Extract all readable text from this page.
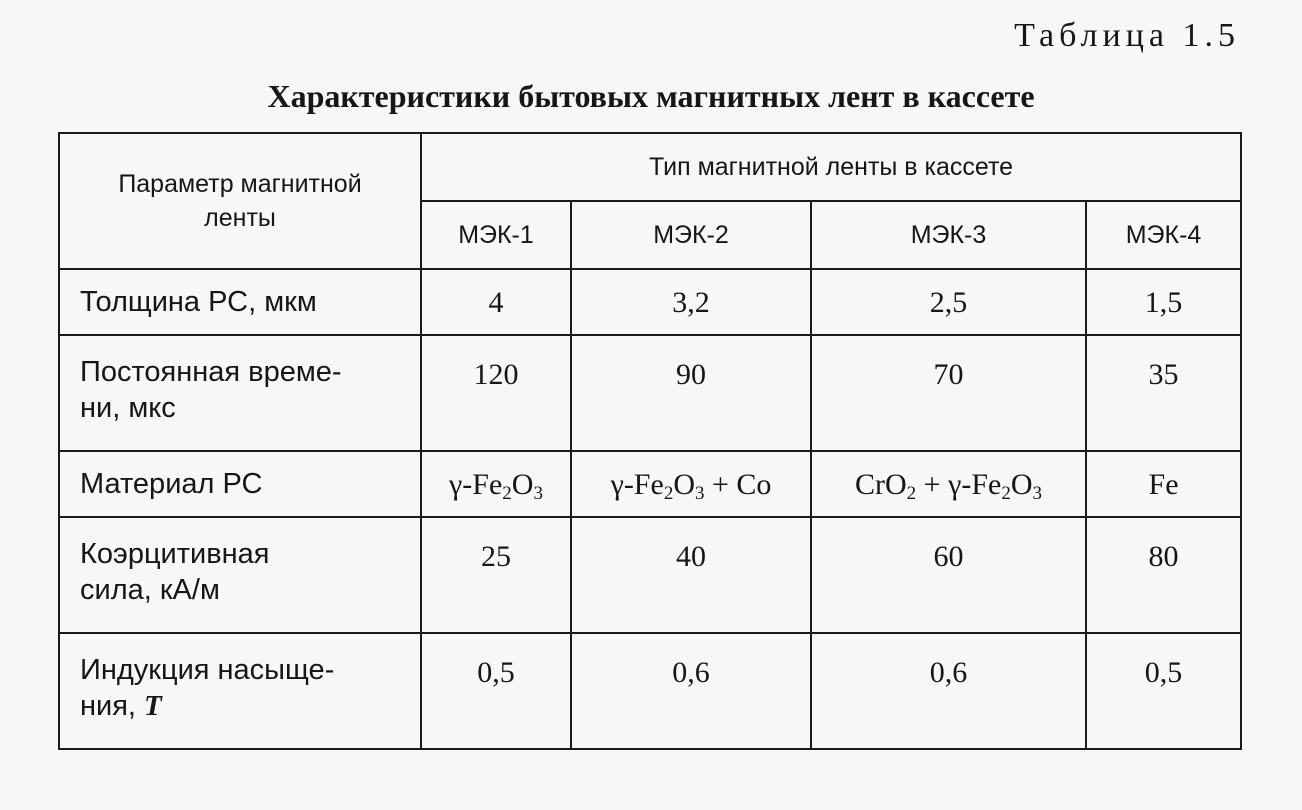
Таблица 1.5
Характеристики бытовых магнитных лент в кассете
Параметр магнитной
ленты	Тип магнитной ленты в кассете			
	МЭК-1	МЭК-2	МЭК-3	МЭК-4

Толщина РС, мкм	4	3,2	2,5	1,5

Постоянная време-
ни, мкс	120	90	70	35

Материал РС	$\gamma-Fe_2O_3$	$\gamma-Fe_2O_3 + Co$	$CrO_2 + \gamma-Fe_2O_3$	Fe

Коэрцитивная
сила, кА/м	25	40	60	80

Индукция насыще-
ния, Т	0,5	0,6	0,6	0,5
